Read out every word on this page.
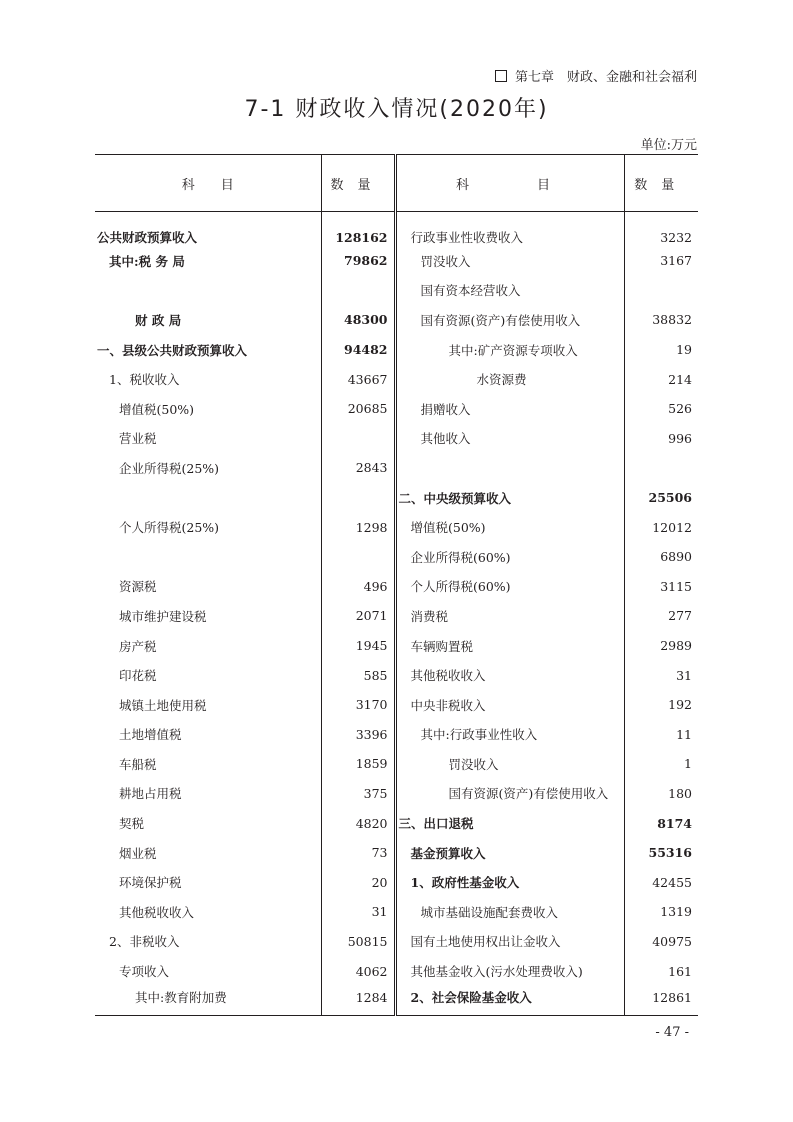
第七章　财政、金融和社会福利
7-1 财政收入情况(2020年)
单位:万元
科　　目	数量	科　　目	数量
公共财政预算收入	128162	行政事业性收费收入	3232
其中:税 务 局	79862	罚没收入	3167
		国有资本经营收入	
财 政 局	48300	国有资源(资产)有偿使用收入	38832
一、县级公共财政预算收入	94482	其中:矿产资源专项收入	19
1、税收收入	43667	水资源费	214
增值税(50%)	20685	捐赠收入	526
营业税		其他收入	996
企业所得税(25%)	2843		
		二、中央级预算收入	25506
个人所得税(25%)	1298	增值税(50%)	12012
		企业所得税(60%)	6890
资源税	496	个人所得税(60%)	3115
城市维护建设税	2071	消费税	277
房产税	1945	车辆购置税	2989
印花税	585	其他税收收入	31
城镇土地使用税	3170	中央非税收入	192
土地增值税	3396	其中:行政事业性收入	11
车船税	1859	罚没收入	1
耕地占用税	375	国有资源(资产)有偿使用收入	180
契税	4820	三、出口退税	8174
烟业税	73	基金预算收入	55316
环境保护税	20	1、政府性基金收入	42455
其他税收收入	31	城市基础设施配套费收入	1319
2、非税收入	50815	国有土地使用权出让金收入	40975
专项收入	4062	其他基金收入(污水处理费收入)	161
其中:教育附加费	1284	2、社会保险基金收入	12861
- 47 -
